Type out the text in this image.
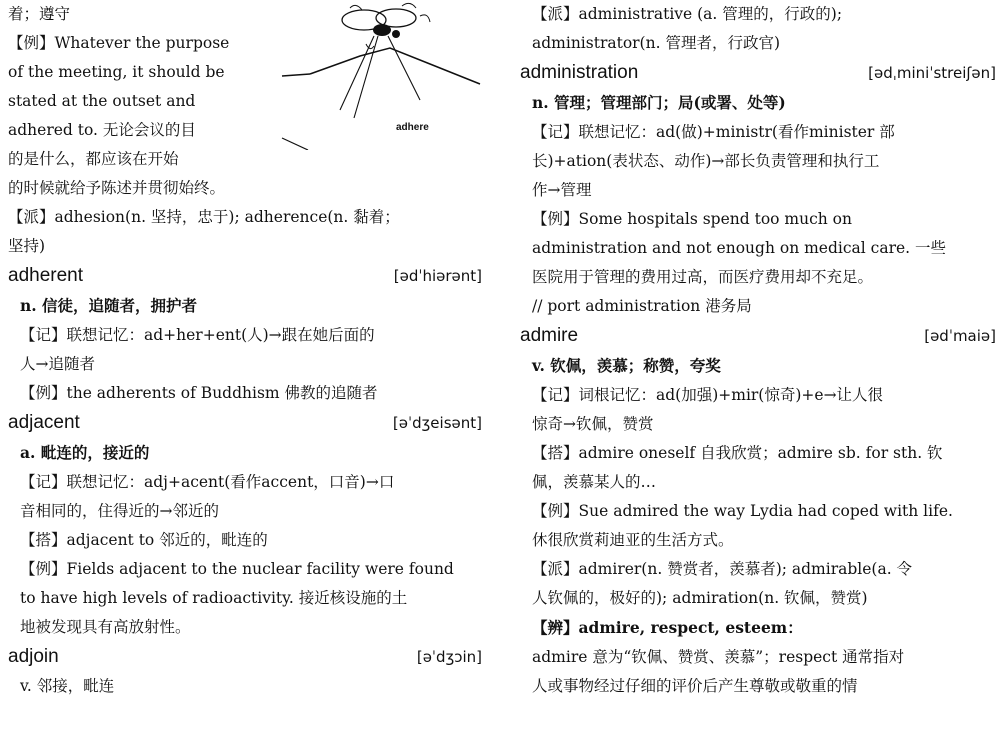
adhere
着；遵守
【例】Whatever the purpose
of the meeting, it should be
stated at the outset and
adhered to. 无论会议的目
的是什么，都应该在开始
的时候就给予陈述并贯彻始终。
【派】adhesion(n. 坚持，忠于); adherence(n. 黏着；
坚持)
adherent	[ədˈhiərənt]
n. 信徒，追随者，拥护者
【记】联想记忆：ad+her+ent(人)→跟在她后面的
人→追随者
【例】the adherents of Buddhism 佛教的追随者
adjacent	[əˈdʒeisənt]
a. 毗连的，接近的
【记】联想记忆：adj+acent(看作accent，口音)→口
音相同的，住得近的→邻近的
【搭】adjacent to 邻近的，毗连的
【例】Fields adjacent to the nuclear facility were found
to have high levels of radioactivity. 接近核设施的土
地被发现具有高放射性。
adjoin	[əˈdʒɔin]
v. 邻接，毗连
【派】administrative (a. 管理的，行政的);
administrator(n. 管理者，行政官)
administration	[ədˌminiˈstreiʃən]
n. 管理；管理部门；局(或署、处等)
【记】联想记忆：ad(做)+ministr(看作minister 部
长)+ation(表状态、动作)→部长负责管理和执行工
作→管理
【例】Some hospitals spend too much on
administration and not enough on medical care. 一些
医院用于管理的费用过高，而医疗费用却不充足。
// port administration 港务局
admire	[ədˈmaiə]
v. 钦佩，羡慕；称赞，夸奖
【记】词根记忆：ad(加强)+mir(惊奇)+e→让人很
惊奇→钦佩，赞赏
【搭】admire oneself 自我欣赏；admire sb. for sth. 钦
佩，羡慕某人的…
【例】Sue admired the way Lydia had coped with life.
休很欣赏莉迪亚的生活方式。
【派】admirer(n. 赞赏者，羡慕者); admirable(a. 令
人钦佩的，极好的); admiration(n. 钦佩，赞赏)
【辨】admire, respect, esteem：
admire 意为“钦佩、赞赏、羡慕”；respect 通常指对
人或事物经过仔细的评价后产生尊敬或敬重的情
